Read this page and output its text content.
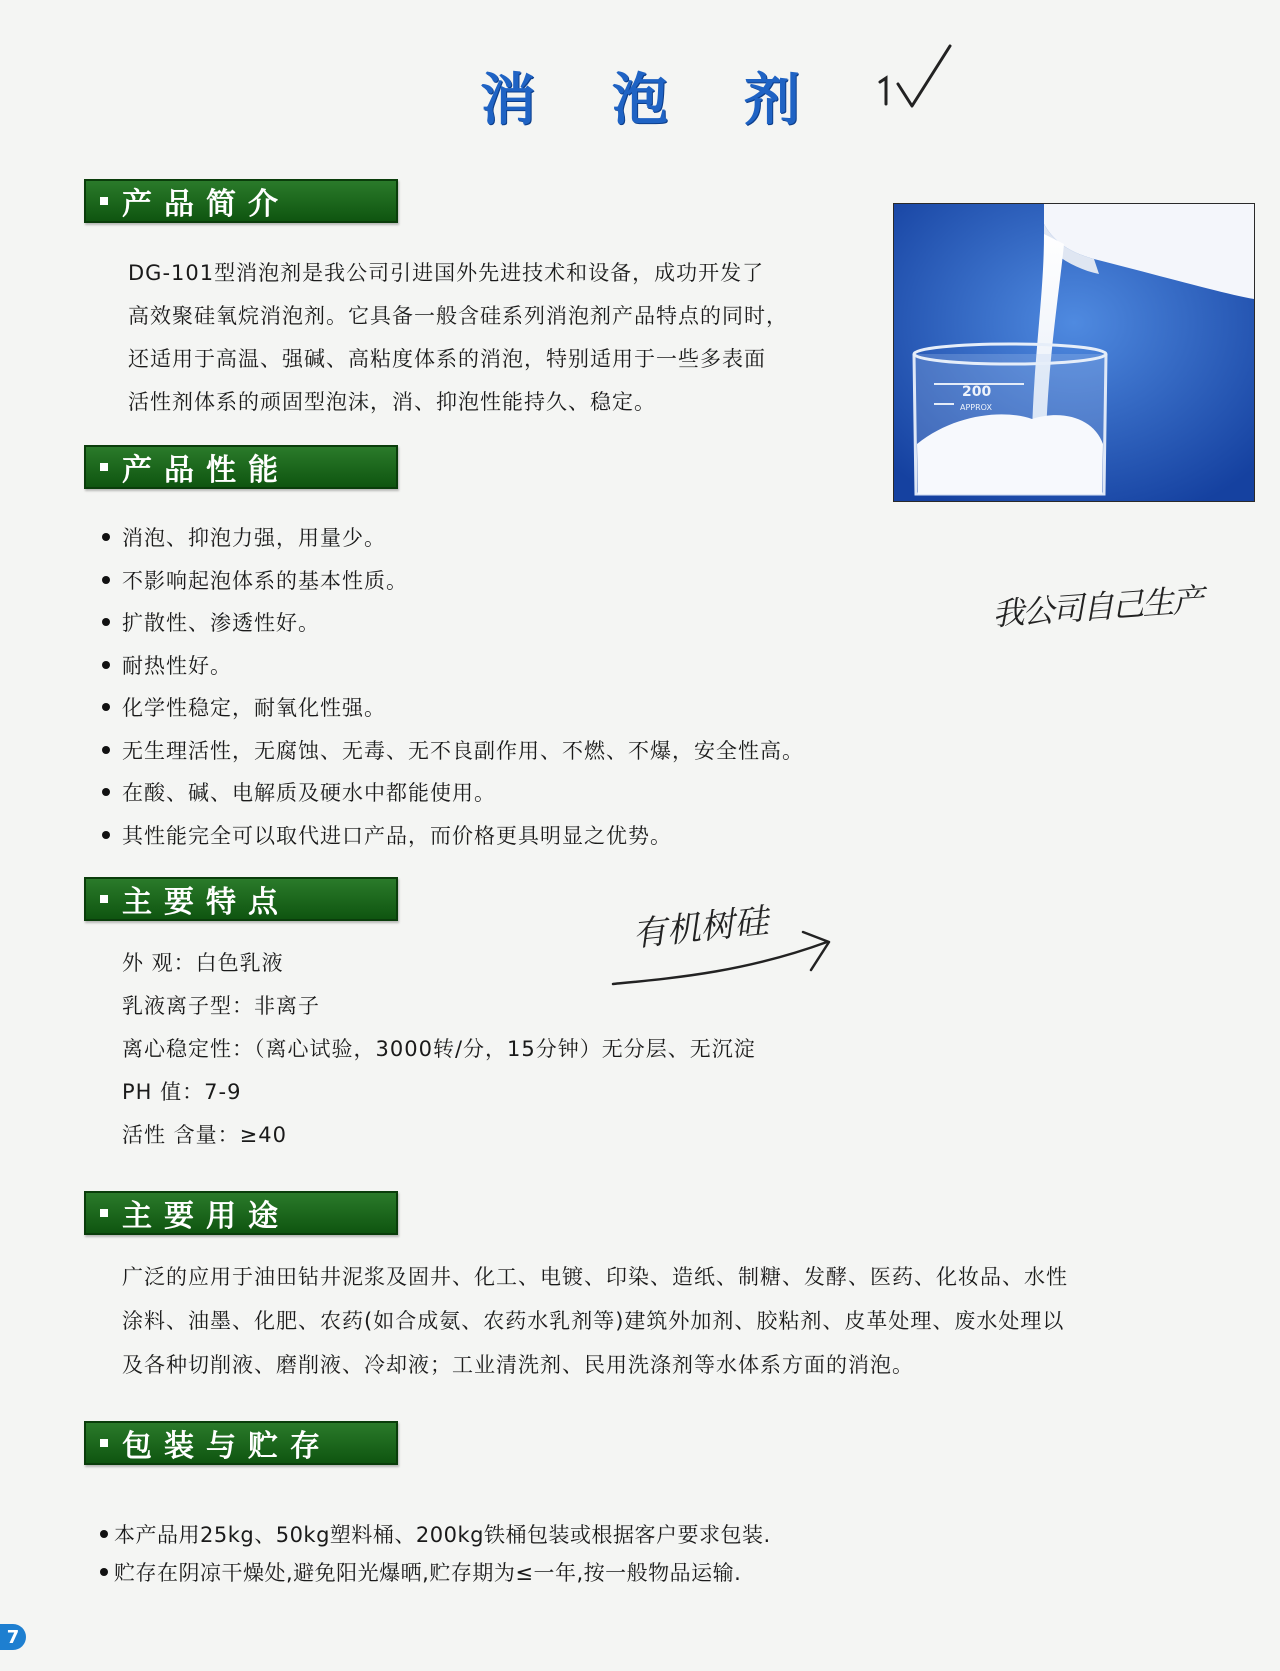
消 泡 剂
产品简介

DG-101型消泡剂是我公司引进国外先进技术和设备，成功开发了

高效聚硅氧烷消泡剂。它具备一般含硅系列消泡剂产品特点的同时，

还适用于高温、强碱、高粘度体系的消泡，特别适用于一些多表面

活性剂体系的顽固型泡沫，消、抑泡性能持久、稳定。	200
APPROX
产品性能
消泡、抑泡力强，用量少。
不影响起泡体系的基本性质。
扩散性、渗透性好。
耐热性好。
化学性稳定，耐氧化性强。
无生理活性，无腐蚀、无毒、无不良副作用、不燃、不爆，安全性高。
在酸、碱、电解质及硬水中都能使用。
其性能完全可以取代进口产品，而价格更具明显之优势。
我公司自己生产
主要特点
外 观：白色乳液
乳液离子型：非离子
离心稳定性：（离心试验，3000转/分，15分钟）无分层、无沉淀
PH 值：7-9
活性 含量：≥40
有机树硅
主要用途

广泛的应用于油田钻井泥浆及固井、化工、电镀、印染、造纸、制糖、发酵、医药、化妆品、水性

涂料、油墨、化肥、农药(如合成氨、农药水乳剂等)建筑外加剂、胶粘剂、皮革处理、废水处理以

及各种切削液、磨削液、冷却液；工业清洗剂、民用洗涤剂等水体系方面的消泡。

包装与贮存
本产品用25kg、50kg塑料桶、200kg铁桶包装或根据客户要求包装.
贮存在阴凉干燥处,避免阳光爆晒,贮存期为≤一年,按一般物品运输.
7
